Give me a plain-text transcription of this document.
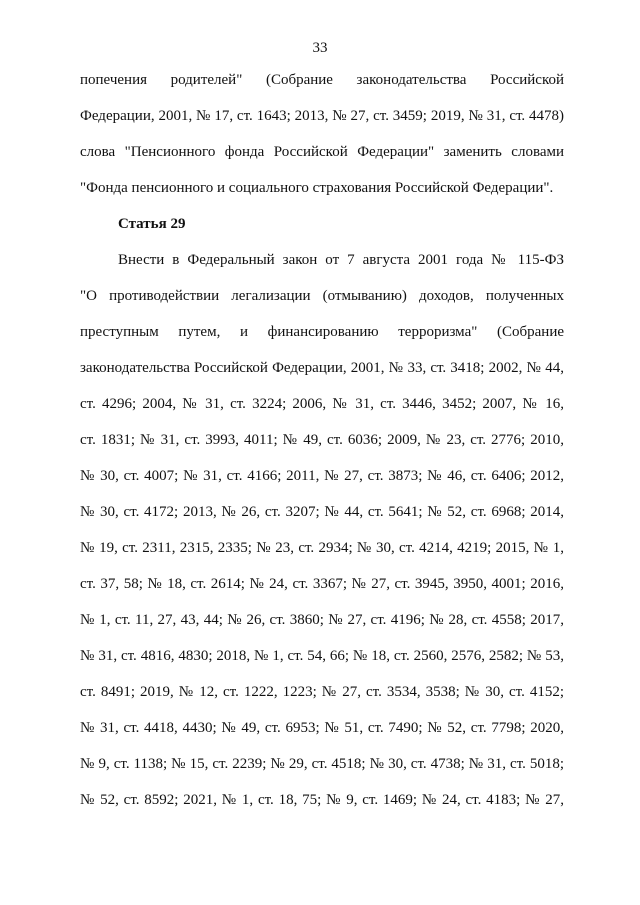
33
попечения родителей" (Собрание законодательства Российской
Федерации, 2001, № 17, ст. 1643; 2013, № 27, ст. 3459; 2019, № 31, ст. 4478)
слова "Пенсионного фонда Российской Федерации" заменить словами
"Фонда пенсионного и социального страхования Российской Федерации".
Статья 29
Внести в Федеральный закон от 7 августа 2001 года № 115-ФЗ
"О противодействии легализации (отмыванию) доходов, полученных
преступным путем, и финансированию терроризма" (Собрание
законодательства Российской Федерации, 2001, № 33, ст. 3418; 2002, № 44,
ст. 4296; 2004, № 31, ст. 3224; 2006, № 31, ст. 3446, 3452; 2007, № 16,
ст. 1831; № 31, ст. 3993, 4011; № 49, ст. 6036; 2009, № 23, ст. 2776; 2010,
№ 30, ст. 4007; № 31, ст. 4166; 2011, № 27, ст. 3873; № 46, ст. 6406; 2012,
№ 30, ст. 4172; 2013, № 26, ст. 3207; № 44, ст. 5641; № 52, ст. 6968; 2014,
№ 19, ст. 2311, 2315, 2335; № 23, ст. 2934; № 30, ст. 4214, 4219; 2015, № 1,
ст. 37, 58; № 18, ст. 2614; № 24, ст. 3367; № 27, ст. 3945, 3950, 4001; 2016,
№ 1, ст. 11, 27, 43, 44; № 26, ст. 3860; № 27, ст. 4196; № 28, ст. 4558; 2017,
№ 31, ст. 4816, 4830; 2018, № 1, ст. 54, 66; № 18, ст. 2560, 2576, 2582; № 53,
ст. 8491; 2019, № 12, ст. 1222, 1223; № 27, ст. 3534, 3538; № 30, ст. 4152;
№ 31, ст. 4418, 4430; № 49, ст. 6953; № 51, ст. 7490; № 52, ст. 7798; 2020,
№ 9, ст. 1138; № 15, ст. 2239; № 29, ст. 4518; № 30, ст. 4738; № 31, ст. 5018;
№ 52, ст. 8592; 2021, № 1, ст. 18, 75; № 9, ст. 1469; № 24, ст. 4183; № 27,
